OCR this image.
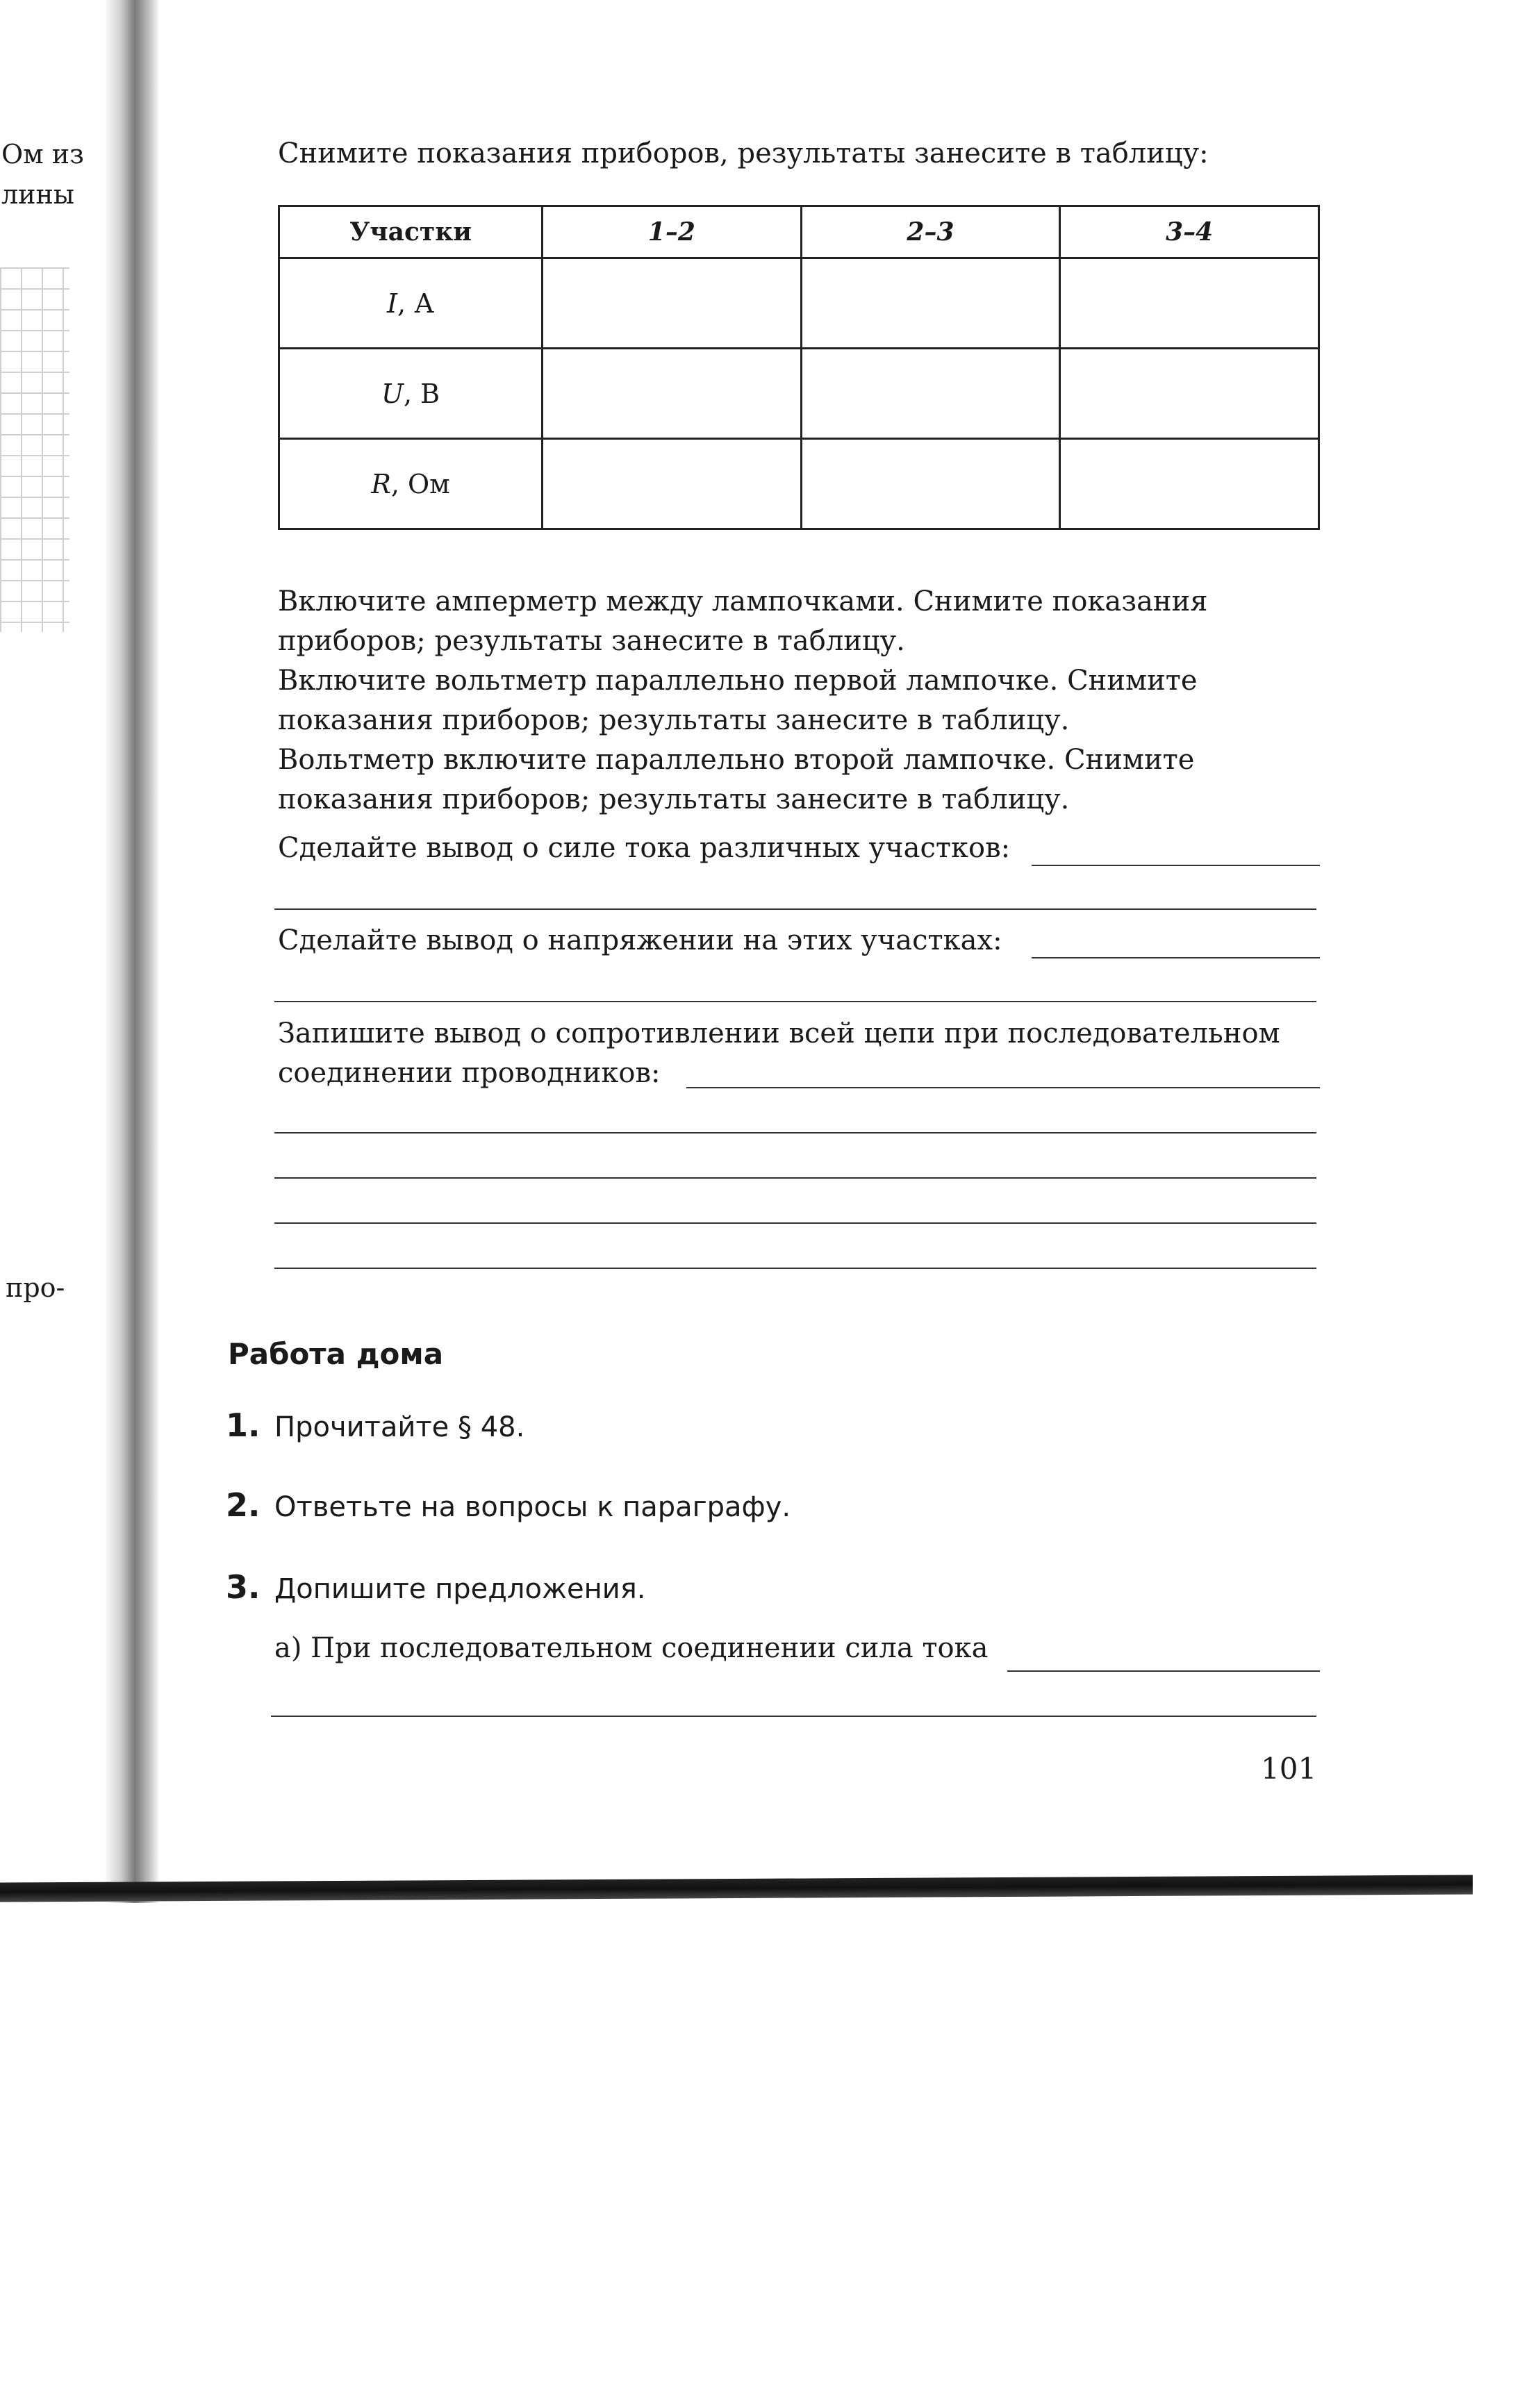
Ом из
лины
про-

Снимите показания приборов, результаты занесите в таблицу:

Участки	1–2	2–3	3–4
I, А			
U, В			
R, Ом			

Включите амперметр между лампочками. Снимите показания приборов; результаты занесите в таблицу.

Включите вольтметр параллельно первой лампочке. Снимите показания приборов; результаты занесите в таблицу.

Вольтметр включите параллельно второй лампочке. Снимите показания приборов; результаты занесите в таблицу.

Сделайте вывод о силе тока различных участков:

Сделайте вывод о напряжении на этих участках:

Запишите вывод о сопротивлении всей цепи при последовательном соединении проводников:

Работа дома

1. Прочитайте § 48.
2. Ответьте на вопросы к параграфу.
3. Допишите предложения.

а) При последовательном соединении сила тока

101
